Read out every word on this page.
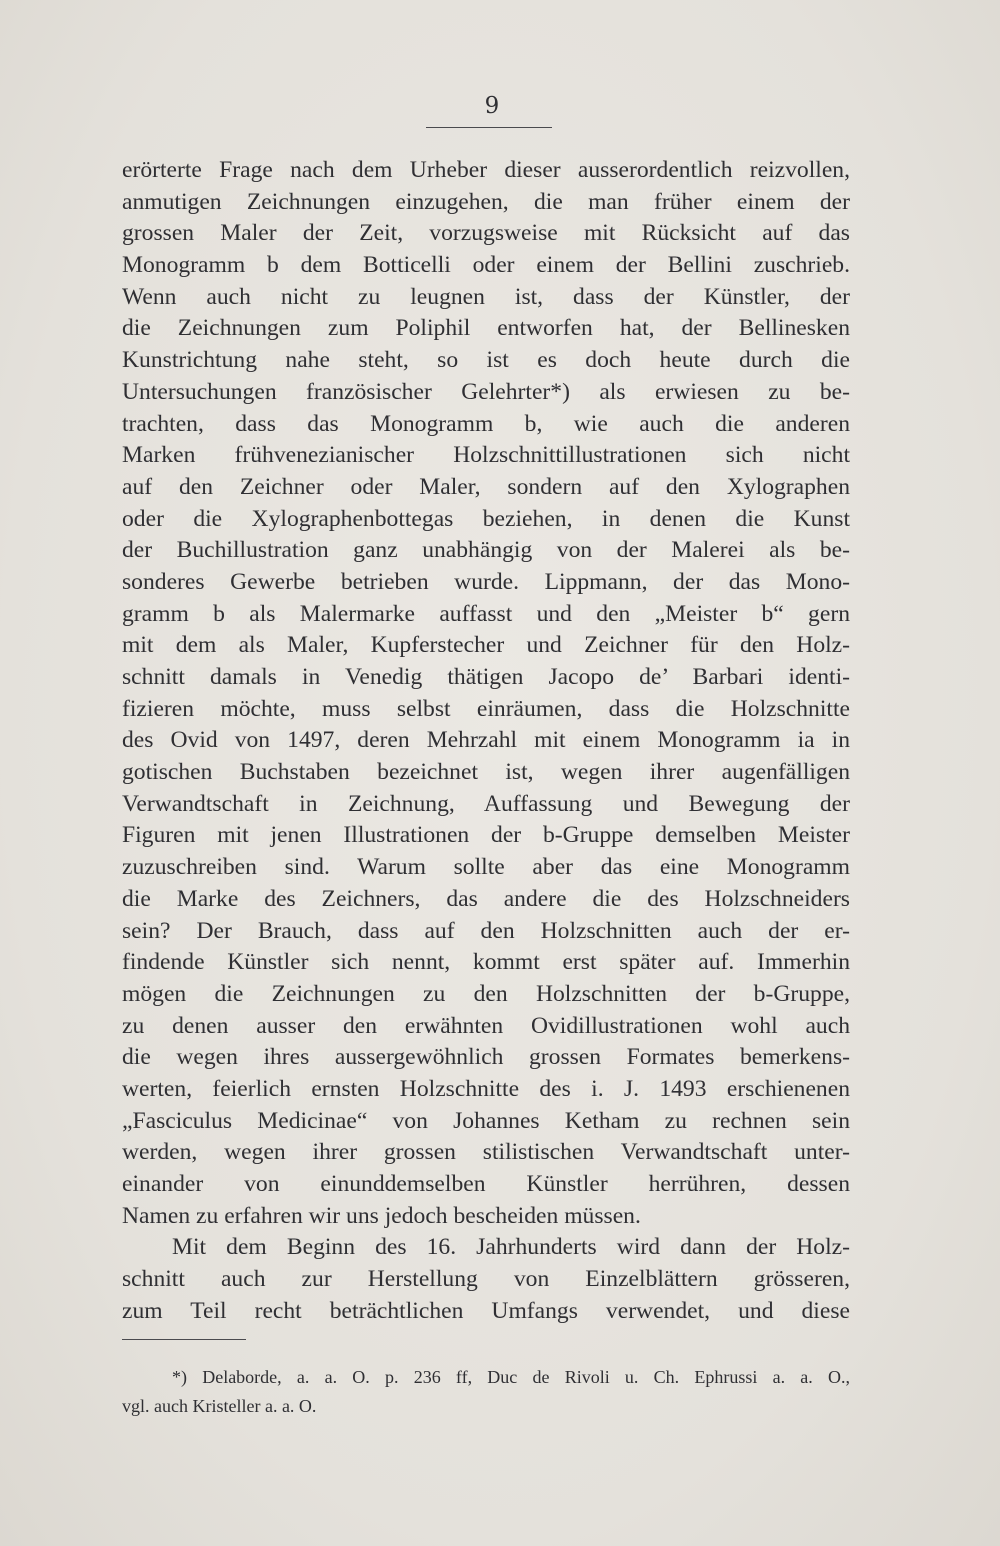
9
erörterte Frage nach dem Urheber dieser ausserordentlich reizvollen,
anmutigen Zeichnungen einzugehen, die man früher einem der
grossen Maler der Zeit, vorzugsweise mit Rücksicht auf das
Monogramm b dem Botticelli oder einem der Bellini zuschrieb.
Wenn auch nicht zu leugnen ist, dass der Künstler, der
die Zeichnungen zum Poliphil entworfen hat, der Bellinesken
Kunstrichtung nahe steht, so ist es doch heute durch die
Untersuchungen französischer Gelehrter*) als erwiesen zu be-
trachten, dass das Monogramm b, wie auch die anderen
Marken frühvenezianischer Holzschnittillustrationen sich nicht
auf den Zeichner oder Maler, sondern auf den Xylographen
oder die Xylographenbottegas beziehen, in denen die Kunst
der Buchillustration ganz unabhängig von der Malerei als be-
sonderes Gewerbe betrieben wurde. Lippmann, der das Mono-
gramm b als Malermarke auffasst und den „Meister b“ gern
mit dem als Maler, Kupferstecher und Zeichner für den Holz-
schnitt damals in Venedig thätigen Jacopo de’ Barbari identi-
fizieren möchte, muss selbst einräumen, dass die Holzschnitte
des Ovid von 1497, deren Mehrzahl mit einem Monogramm ia in
gotischen Buchstaben bezeichnet ist, wegen ihrer augenfälligen
Verwandtschaft in Zeichnung, Auffassung und Bewegung der
Figuren mit jenen Illustrationen der b-Gruppe demselben Meister
zuzuschreiben sind. Warum sollte aber das eine Monogramm
die Marke des Zeichners, das andere die des Holzschneiders
sein? Der Brauch, dass auf den Holzschnitten auch der er-
findende Künstler sich nennt, kommt erst später auf. Immerhin
mögen die Zeichnungen zu den Holzschnitten der b-Gruppe,
zu denen ausser den erwähnten Ovidillustrationen wohl auch
die wegen ihres aussergewöhnlich grossen Formates bemerkens-
werten, feierlich ernsten Holzschnitte des i. J. 1493 erschienenen
„Fasciculus Medicinae“ von Johannes Ketham zu rechnen sein
werden, wegen ihrer grossen stilistischen Verwandtschaft unter-
einander von einunddemselben Künstler herrühren, dessen
Namen zu erfahren wir uns jedoch bescheiden müssen.
Mit dem Beginn des 16. Jahrhunderts wird dann der Holz-
schnitt auch zur Herstellung von Einzelblättern grösseren,
zum Teil recht beträchtlichen Umfangs verwendet, und diese
*) Delaborde, a. a. O. p. 236 ff, Duc de Rivoli u. Ch. Ephrussi a. a. O.,
vgl. auch Kristeller a. a. O.
